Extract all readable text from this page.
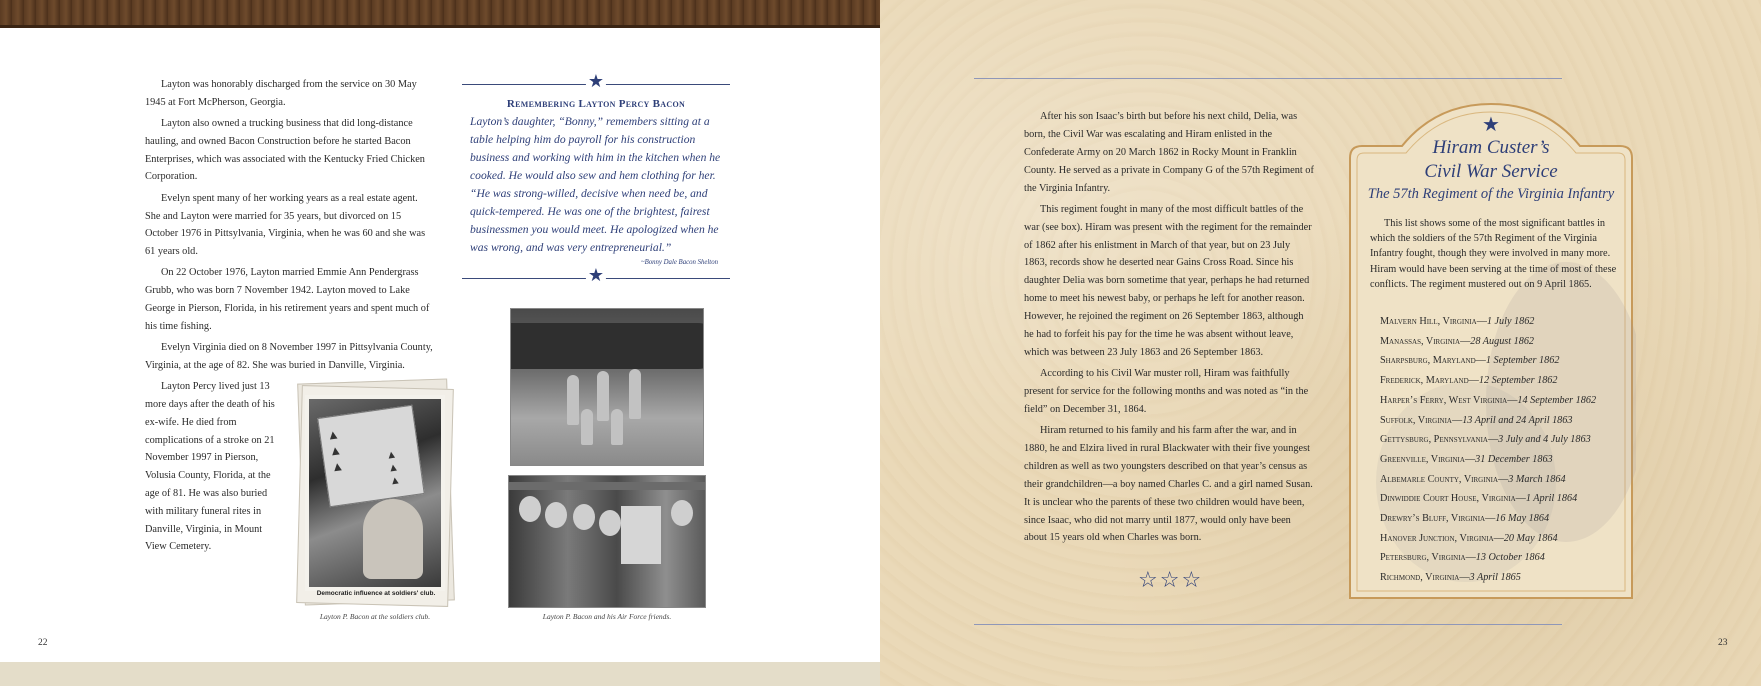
Layton was honorably discharged from the service on 30 May 1945 at Fort McPherson, Georgia.

Layton also owned a trucking business that did long-distance hauling, and owned Bacon Construction before he started Bacon Enterprises, which was associated with the Kentucky Fried Chicken Corporation.

Evelyn spent many of her working years as a real estate agent. She and Layton were married for 35 years, but divorced on 15 October 1976 in Pittsylvania, Virginia, when he was 60 and she was 61 years old.

On 22 October 1976, Layton married Emmie Ann Pendergrass Grubb, who was born 7 November 1942. Layton moved to Lake George in Pierson, Florida, in his retirement years and spent much of his time fishing.

Evelyn Virginia died on 8 November 1997 in Pittsylvania County, Virginia, at the age of 82. She was buried in Danville, Virginia.

Layton Percy lived just 13 more days after the death of his ex-wife. He died from complications of a stroke on 21 November 1997 in Pierson, Volusia County, Florida, at the age of 81. He was also buried with military funeral rites in Danville, Virginia, in Mount View Cemetery.

▲ ▲ ▲ ▲ ▲ ▲
Democratic influence at soldiers' club.
Layton P. Bacon at the soldiers club.
★
Remembering Layton Percy Bacon
Layton’s daughter, “Bonny,” remembers sitting at a table helping him do payroll for his construction business and working with him in the kitchen when he cooked. He would also sew and hem clothing for her. “He was strong-willed, decisive when need be, and quick-tempered. He was one of the brightest, fairest businessmen you would meet. He apologized when he was wrong, and was very entrepreneurial.”
~Bonny Dale Bacon Shelton
★
Layton P. Bacon and his Air Force friends.
22

After his son Isaac’s birth but before his next child, Delia, was born, the Civil War was escalating and Hiram enlisted in the Confederate Army on 20 March 1862 in Rocky Mount in Franklin County. He served as a private in Company G of the 57th Regiment of the Virginia Infantry.

This regiment fought in many of the most difficult battles of the war (see box). Hiram was present with the regiment for the remainder of 1862 after his enlistment in March of that year, but on 23 July 1863, records show he deserted near Gains Cross Road. Since his daughter Delia was born sometime that year, perhaps he had returned home to meet his newest baby, or perhaps he left for another reason. However, he rejoined the regiment on 26 September 1863, although he had to forfeit his pay for the time he was absent without leave, which was between 23 July 1863 and 26 September 1863.

According to his Civil War muster roll, Hiram was faithfully present for service for the following months and was noted as “in the field” on December 31, 1864.

Hiram returned to his family and his farm after the war, and in 1880, he and Elzira lived in rural Blackwater with their five youngest children as well as two youngsters described on that year’s census as their grandchildren—a boy named Charles C. and a girl named Susan. It is unclear who the parents of these two children would have been, since Isaac, who did not marry until 1877, would only have been about 15 years old when Charles was born.

☆☆☆
★
Hiram Custer’s
Civil War Service
The 57th Regiment of the Virginia Infantry
This list shows some of the most significant battles in which the soldiers of the 57th Regiment of the Virginia Infantry fought, though they were involved in many more. Hiram would have been serving at the time of most of these conflicts. The regiment mustered out on 9 April 1865.
Malvern Hill, Virginia—1 July 1862
Manassas, Virginia—28 August 1862
Sharpsburg, Maryland—1 September 1862
Frederick, Maryland—12 September 1862
Harper’s Ferry, West Virginia—14 September 1862
Suffolk, Virginia—13 April and 24 April 1863
Gettysburg, Pennsylvania—3 July and 4 July 1863
Greenville, Virginia—31 December 1863
Albemarle County, Virginia—3 March 1864
Dinwiddie Court House, Virginia—1 April 1864
Drewry’s Bluff, Virginia—16 May 1864
Hanover Junction, Virginia—20 May 1864
Petersburg, Virginia—13 October 1864
Richmond, Virginia—3 April 1865
23
